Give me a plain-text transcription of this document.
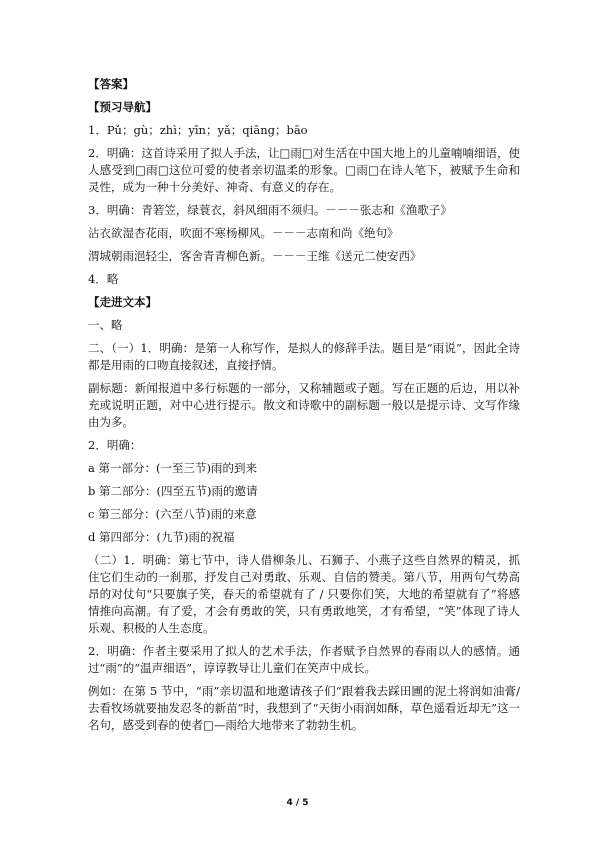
【答案】

【预习导航】

1．Pǔ；gù；zhì；yīn；yǎ；qiāng；bāo

2．明确：这首诗采用了拟人手法，让□雨□对生活在中国大地上的儿童喃喃细语，使人感受到□雨□这位可爱的使者亲切温柔的形象。□雨□在诗人笔下，被赋予生命和灵性，成为一种十分美好、神奇、有意义的存在。

3．明确：青箬笠，绿蓑衣，斜风细雨不须归。－－－张志和《渔歌子》

沾衣欲湿杏花雨，吹面不寒杨柳风。－－－志南和尚《绝句》

渭城朝雨浥轻尘，客舍青青柳色新。－－－王维《送元二使安西》

4．略

【走进文本】

一、略

二、（一）1．明确：是第一人称写作，是拟人的修辞手法。题目是“雨说”，因此全诗都是用雨的口吻直接叙述，直接抒情。

副标题：新闻报道中多行标题的一部分，又称辅题或子题。写在正题的后边，用以补充或说明正题，对中心进行提示。散文和诗歌中的副标题一般以是提示诗、文写作缘由为多。

2．明确：

a 第一部分：(一至三节)雨的到来

b 第二部分：(四至五节)雨的邀请

c 第三部分：(六至八节)雨的来意

d 第四部分：(九节)雨的祝福

（二）1．明确：第七节中，诗人借柳条儿、石狮子、小燕子这些自然界的精灵，抓住它们生动的一刹那，抒发自己对勇敢、乐观、自信的赞美。第八节，用两句气势高昂的对仗句“只要旗子笑，春天的希望就有了 / 只要你们笑，大地的希望就有了”将感情推向高潮。有了爱，才会有勇敢的笑，只有勇敢地笑，才有希望，“笑”体现了诗人乐观、积极的人生态度。

2．明确：作者主要采用了拟人的艺术手法，作者赋予自然界的春雨以人的感情。通过“雨”的“温声细语”，谆谆教导让儿童们在笑声中成长。

例如：在第 5 节中，“雨”亲切温和地邀请孩子们“跟着我去踩田圃的泥土将润如油膏/去看牧场就要抽发忍冬的新苗”时，我想到了“天街小雨润如酥，草色遥看近却无”这一名句，感受到春的使者□—雨给大地带来了勃勃生机。

4 / 5
